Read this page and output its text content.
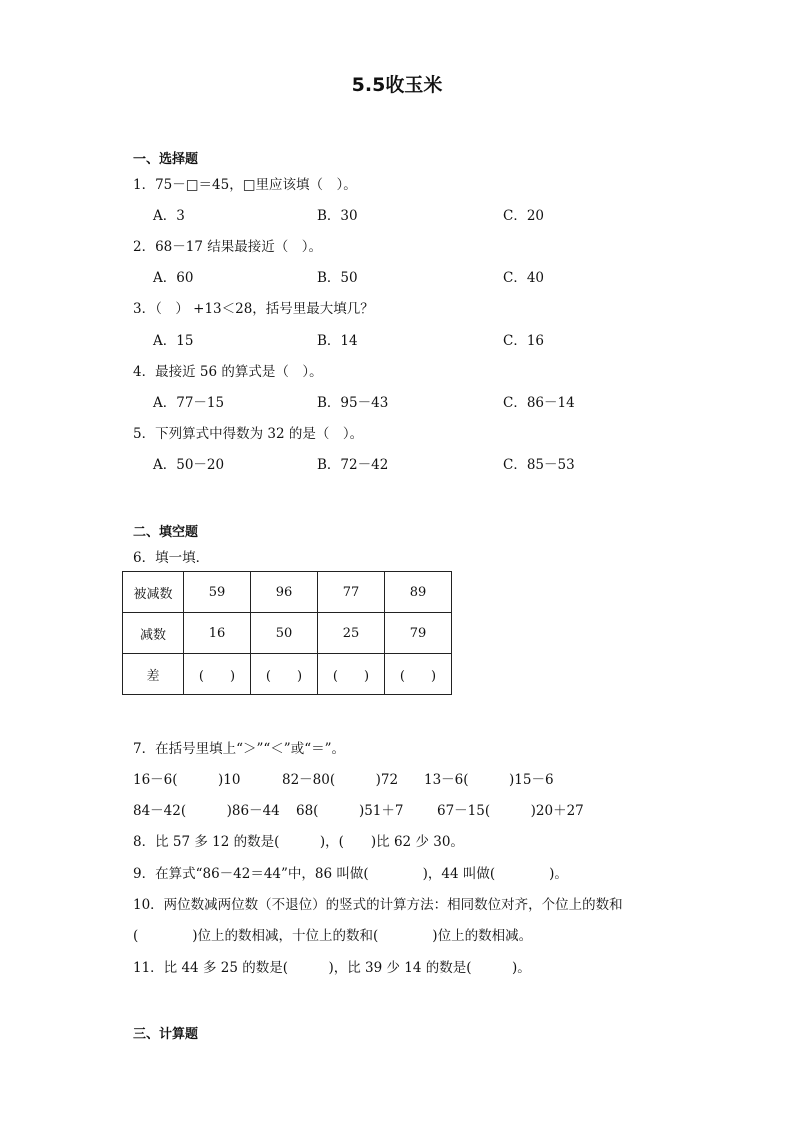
5.5收玉米
一、选择题
1．75－□＝45，□里应该填（　）。
A．3	B．30	C．20
2．68－17 结果最接近（　）。
A．60	B．50	C．40
3．（　） +13＜28，括号里最大填几？
A．15	B．14	C．16
4．最接近 56 的算式是（　）。
A．77－15	B．95－43	C．86－14
5．下列算式中得数为 32 的是（　）。
A．50－20	B．72－42	C．85－53
二、填空题
6．填一填．
被减数	59	96	77	89
减数	16	50	25	79
差	(　　)	(　　)	(　　)	(　　)
7．在括号里填上“＞”“＜”或“＝”。
16－6(　　　)10	82－80(　　　)72 13－6(　　　)15－6
84－42(　　　)86－44 68(　　　)51＋7 67－15(　　　)20＋27
8．比 57 多 12 的数是(　　　)，(　　)比 62 少 30。
9．在算式“86－42＝44”中，86 叫做(　　　　)，44 叫做(　　　　)。
10．两位数减两位数（不退位）的竖式的计算方法：相同数位对齐，个位上的数和
(　　　　)位上的数相减，十位上的数和(　　　　)位上的数相减。
11．比 44 多 25 的数是(　　　)，比 39 少 14 的数是(　　　)。
三、计算题
